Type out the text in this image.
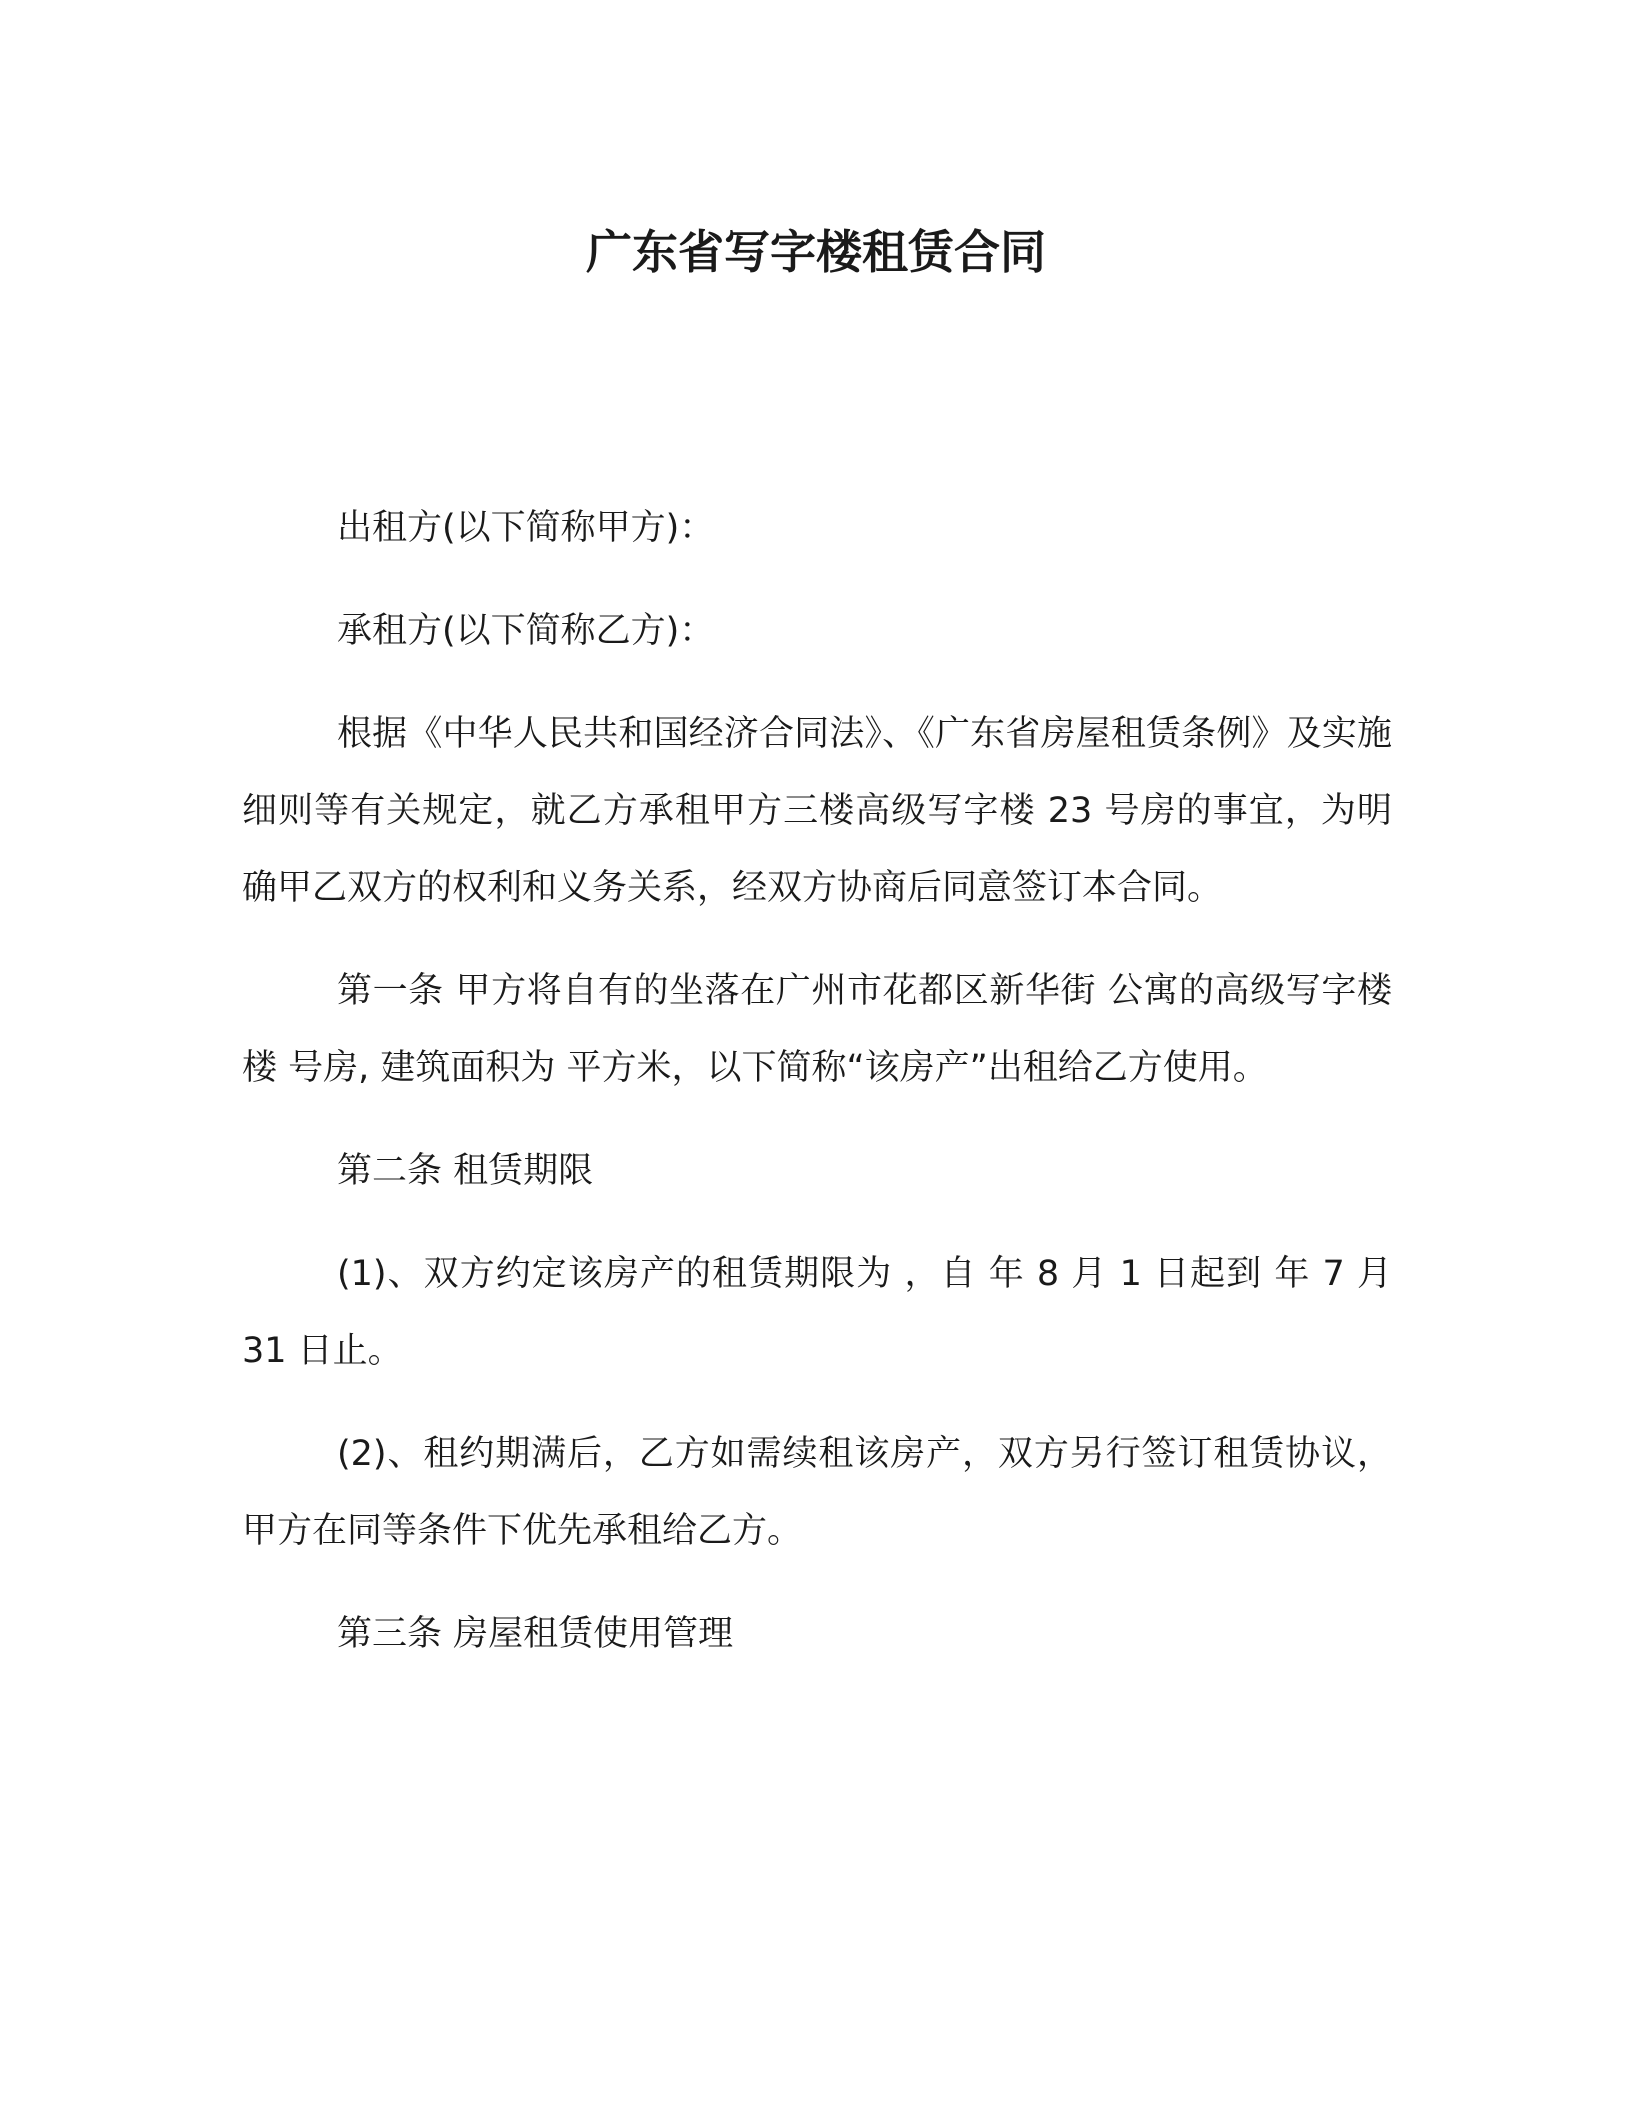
广东省写字楼租赁合同

出租方(以下简称甲方)：

承租方(以下简称乙方)：

根据《中华人民共和国经济合同法》、《广东省房屋租赁条例》及实施细则等有关规定，就乙方承租甲方三楼高级写字楼 23 号房的事宜，为明确甲乙双方的权利和义务关系，经双方协商后同意签订本合同。

第一条 甲方将自有的坐落在广州市花都区新华街 公寓的高级写字楼 楼 号房, 建筑面积为 平方米，以下简称“该房产”出租给乙方使用。

第二条 租赁期限

(1)、双方约定该房产的租赁期限为 ，自 年 8 月 1 日起到 年 7 月 31 日止。

(2)、租约期满后，乙方如需续租该房产，双方另行签订租赁协议，甲方在同等条件下优先承租给乙方。

第三条 房屋租赁使用管理
